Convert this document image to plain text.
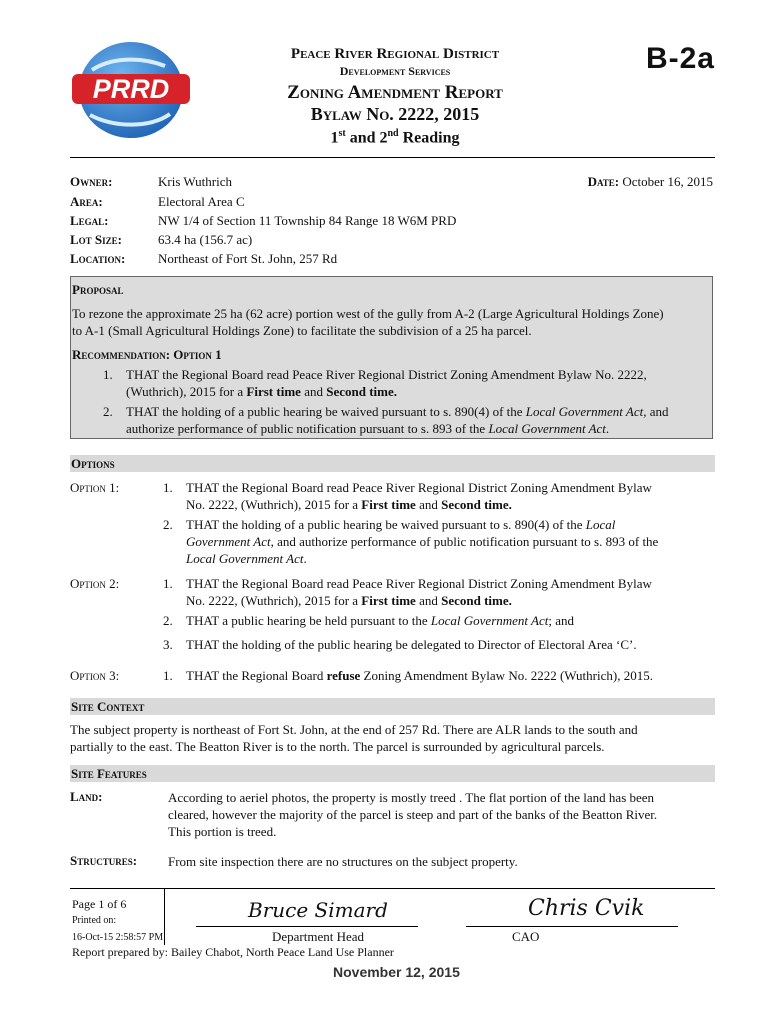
PRRD
Peace River Regional District
Development Services
Zoning Amendment Report
Bylaw No. 2222, 2015
1st and 2nd Reading
B-2a
Owner:	Kris Wuthrich
Area:	Electoral Area C
Legal:	NW 1/4 of Section 11 Township 84 Range 18 W6M PRD
Lot Size:	63.4 ha (156.7 ac)
Location:	Northeast of Fort St. John, 257 Rd
Date: October 16, 2015
Proposal
To rezone the approximate 25 ha (62 acre) portion west of the gully from A-2 (Large Agricultural Holdings Zone)
to A-1 (Small Agricultural Holdings Zone) to facilitate the subdivision of a 25 ha parcel.
Recommendation: Option 1
1. THAT the Regional Board read Peace River Regional District Zoning Amendment Bylaw No. 2222,
(Wuthrich), 2015 for a First time and Second time.
2. THAT the holding of a public hearing be waived pursuant to s. 890(4) of the Local Government Act, and
authorize performance of public notification pursuant to s. 893 of the Local Government Act.
Options
Option 1:	1. THAT the Regional Board read Peace River Regional District Zoning Amendment Bylaw
No. 2222, (Wuthrich), 2015 for a First time and Second time.
2. THAT the holding of a public hearing be waived pursuant to s. 890(4) of the Local
Government Act, and authorize performance of public notification pursuant to s. 893 of the
Local Government Act.
Option 2:	1. THAT the Regional Board read Peace River Regional District Zoning Amendment Bylaw
No. 2222, (Wuthrich), 2015 for a First time and Second time.
2. THAT a public hearing be held pursuant to the Local Government Act; and
3. THAT the holding of the public hearing be delegated to Director of Electoral Area ‘C’.
Option 3:	1. THAT the Regional Board refuse Zoning Amendment Bylaw No. 2222 (Wuthrich), 2015.
Site Context
The subject property is northeast of Fort St. John, at the end of 257 Rd. There are ALR lands to the south and
partially to the east. The Beatton River is to the north. The parcel is surrounded by agricultural parcels.
Site Features
Land:	According to aeriel photos, the property is mostly treed . The flat portion of the land has been
cleared, however the majority of the parcel is steep and part of the banks of the Beatton River.
This portion is treed.
Structures: From site inspection there are no structures on the subject property.
Page 1 of 6
Printed on:
16-Oct-15 2:58:57 PM
Bruce Simard
Department Head
Chris Cvik
CAO
Report prepared by: Bailey Chabot, North Peace Land Use Planner
November 12, 2015
